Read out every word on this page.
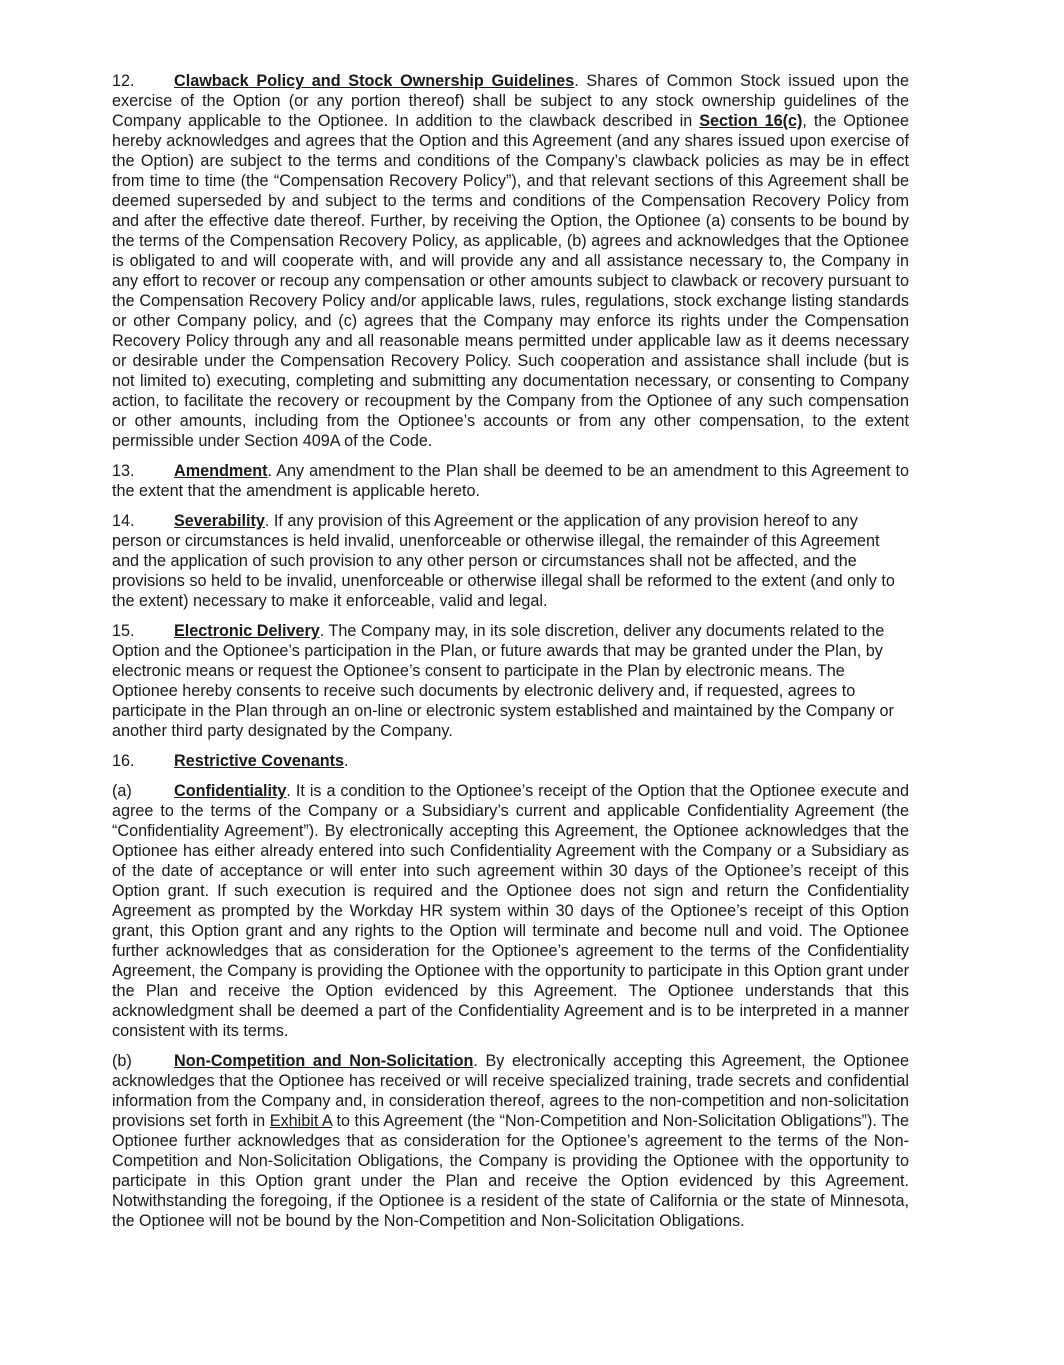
12. Clawback Policy and Stock Ownership Guidelines. Shares of Common Stock issued upon the exercise of the Option (or any portion thereof) shall be subject to any stock ownership guidelines of the Company applicable to the Optionee. In addition to the clawback described in Section 16(c), the Optionee hereby acknowledges and agrees that the Option and this Agreement (and any shares issued upon exercise of the Option) are subject to the terms and conditions of the Company’s clawback policies as may be in effect from time to time (the “Compensation Recovery Policy”), and that relevant sections of this Agreement shall be deemed superseded by and subject to the terms and conditions of the Compensation Recovery Policy from and after the effective date thereof. Further, by receiving the Option, the Optionee (a) consents to be bound by the terms of the Compensation Recovery Policy, as applicable, (b) agrees and acknowledges that the Optionee is obligated to and will cooperate with, and will provide any and all assistance necessary to, the Company in any effort to recover or recoup any compensation or other amounts subject to clawback or recovery pursuant to the Compensation Recovery Policy and/or applicable laws, rules, regulations, stock exchange listing standards or other Company policy, and (c) agrees that the Company may enforce its rights under the Compensation Recovery Policy through any and all reasonable means permitted under applicable law as it deems necessary or desirable under the Compensation Recovery Policy. Such cooperation and assistance shall include (but is not limited to) executing, completing and submitting any documentation necessary, or consenting to Company action, to facilitate the recovery or recoupment by the Company from the Optionee of any such compensation or other amounts, including from the Optionee’s accounts or from any other compensation, to the extent permissible under Section 409A of the Code.

13. Amendment. Any amendment to the Plan shall be deemed to be an amendment to this Agreement to the extent that the amendment is applicable hereto.

14. Severability. If any provision of this Agreement or the application of any provision hereof to any person or circumstances is held invalid, unenforceable or otherwise illegal, the remainder of this Agreement and the application of such provision to any other person or circumstances shall not be affected, and the provisions so held to be invalid, unenforceable or otherwise illegal shall be reformed to the extent (and only to the extent) necessary to make it enforceable, valid and legal.

15. Electronic Delivery. The Company may, in its sole discretion, deliver any documents related to the Option and the Optionee’s participation in the Plan, or future awards that may be granted under the Plan, by electronic means or request the Optionee’s consent to participate in the Plan by electronic means. The Optionee hereby consents to receive such documents by electronic delivery and, if requested, agrees to participate in the Plan through an on-line or electronic system established and maintained by the Company or another third party designated by the Company.

16. Restrictive Covenants.

(a)	Confidentiality. It is a condition to the Optionee’s receipt of the Option that the Optionee execute and agree to the terms of the Company or a Subsidiary’s current and applicable Confidentiality Agreement (the “Confidentiality Agreement”). By electronically accepting this Agreement, the Optionee acknowledges that the Optionee has either already entered into such Confidentiality Agreement with the Company or a Subsidiary as of the date of acceptance or will enter into such agreement within 30 days of the Optionee’s receipt of this Option grant. If such execution is required and the Optionee does not sign and return the Confidentiality Agreement as prompted by the Workday HR system within 30 days of the Optionee’s receipt of this Option grant, this Option grant and any rights to the Option will terminate and become null and void. The Optionee further acknowledges that as consideration for the Optionee’s agreement to the terms of the Confidentiality Agreement, the Company is providing the Optionee with the opportunity to participate in this Option grant under the Plan and receive the Option evidenced by this Agreement. The Optionee understands that this acknowledgment shall be deemed a part of the Confidentiality Agreement and is to be interpreted in a manner consistent with its terms.

(b)	Non-Competition and Non-Solicitation. By electronically accepting this Agreement, the Optionee acknowledges that the Optionee has received or will receive specialized training, trade secrets and confidential information from the Company and, in consideration thereof, agrees to the non-competition and non-solicitation provisions set forth in Exhibit A to this Agreement (the “Non-Competition and Non-Solicitation Obligations”). The Optionee further acknowledges that as consideration for the Optionee’s agreement to the terms of the Non-Competition and Non-Solicitation Obligations, the Company is providing the Optionee with the opportunity to participate in this Option grant under the Plan and receive the Option evidenced by this Agreement. Notwithstanding the foregoing, if the Optionee is a resident of the state of California or the state of Minnesota, the Optionee will not be bound by the Non-Competition and Non-Solicitation Obligations.
